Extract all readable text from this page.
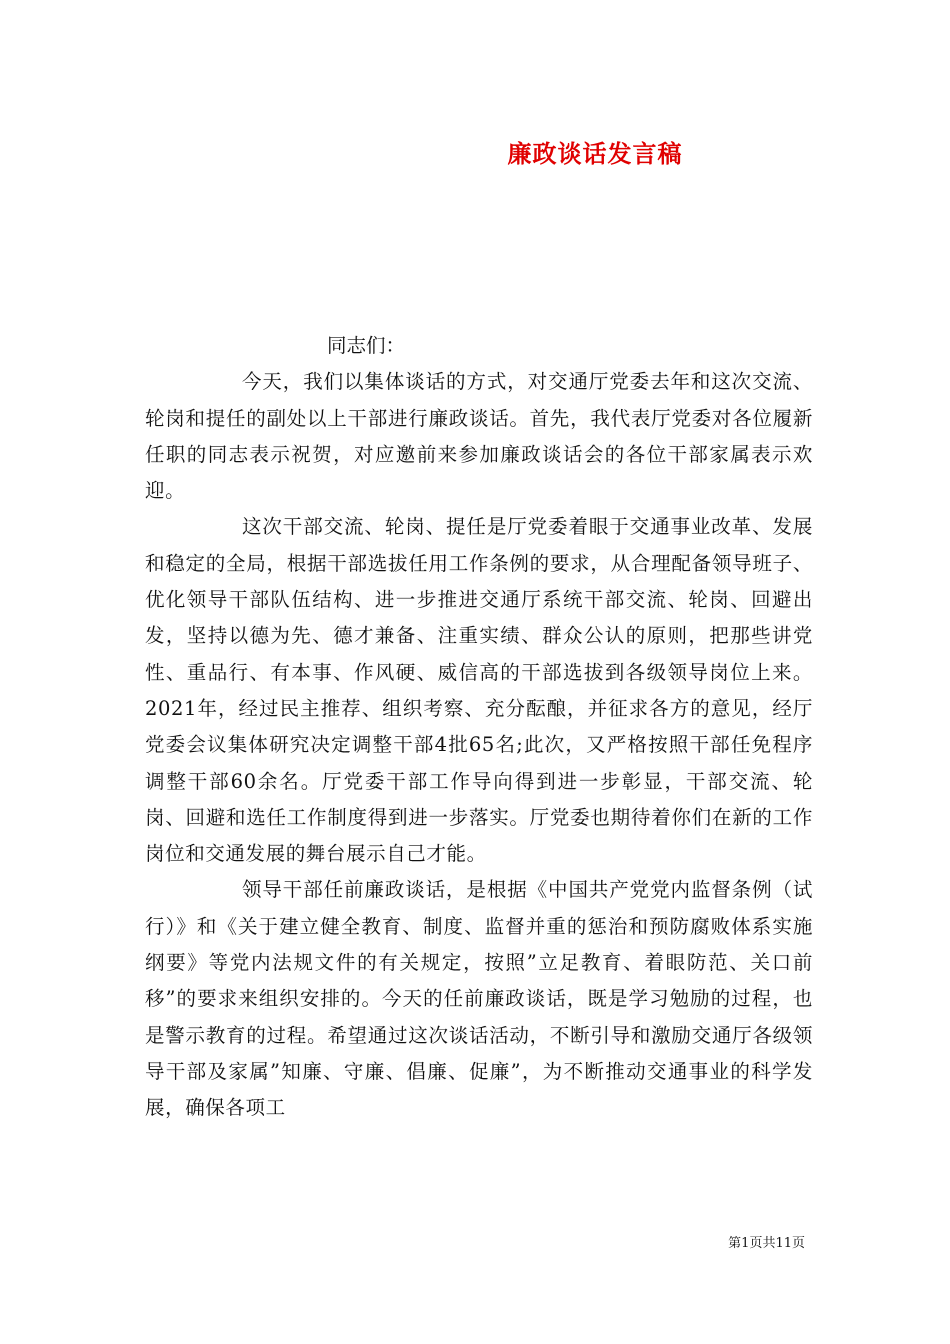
廉政谈话发言稿

同志们：

今天，我们以集体谈话的方式，对交通厅党委去年和这次交流、轮岗和提任的副处以上干部进行廉政谈话。首先，我代表厅党委对各位履新任职的同志表示祝贺，对应邀前来参加廉政谈话会的各位干部家属表示欢迎。

这次干部交流、轮岗、提任是厅党委着眼于交通事业改革、发展和稳定的全局，根据干部选拔任用工作条例的要求，从合理配备领导班子、优化领导干部队伍结构、进一步推进交通厅系统干部交流、轮岗、回避出发，坚持以德为先、德才兼备、注重实绩、群众公认的原则，把那些讲党性、重品行、有本事、作风硬、威信高的干部选拔到各级领导岗位上来。2021年，经过民主推荐、组织考察、充分酝酿，并征求各方的意见，经厅党委会议集体研究决定调整干部4批65名;此次，又严格按照干部任免程序调整干部60余名。厅党委干部工作导向得到进一步彰显，干部交流、轮岗、回避和选任工作制度得到进一步落实。厅党委也期待着你们在新的工作岗位和交通发展的舞台展示自己才能。

领导干部任前廉政谈话，是根据《中国共产党党内监督条例（试行）》和《关于建立健全教育、制度、监督并重的惩治和预防腐败体系实施纲要》等党内法规文件的有关规定，按照”立足教育、着眼防范、关口前移”的要求来组织安排的。今天的任前廉政谈话，既是学习勉励的过程，也是警示教育的过程。希望通过这次谈话活动，不断引导和激励交通厅各级领导干部及家属”知廉、守廉、倡廉、促廉”，为不断推动交通事业的科学发展，确保各项工

第1页共11页
